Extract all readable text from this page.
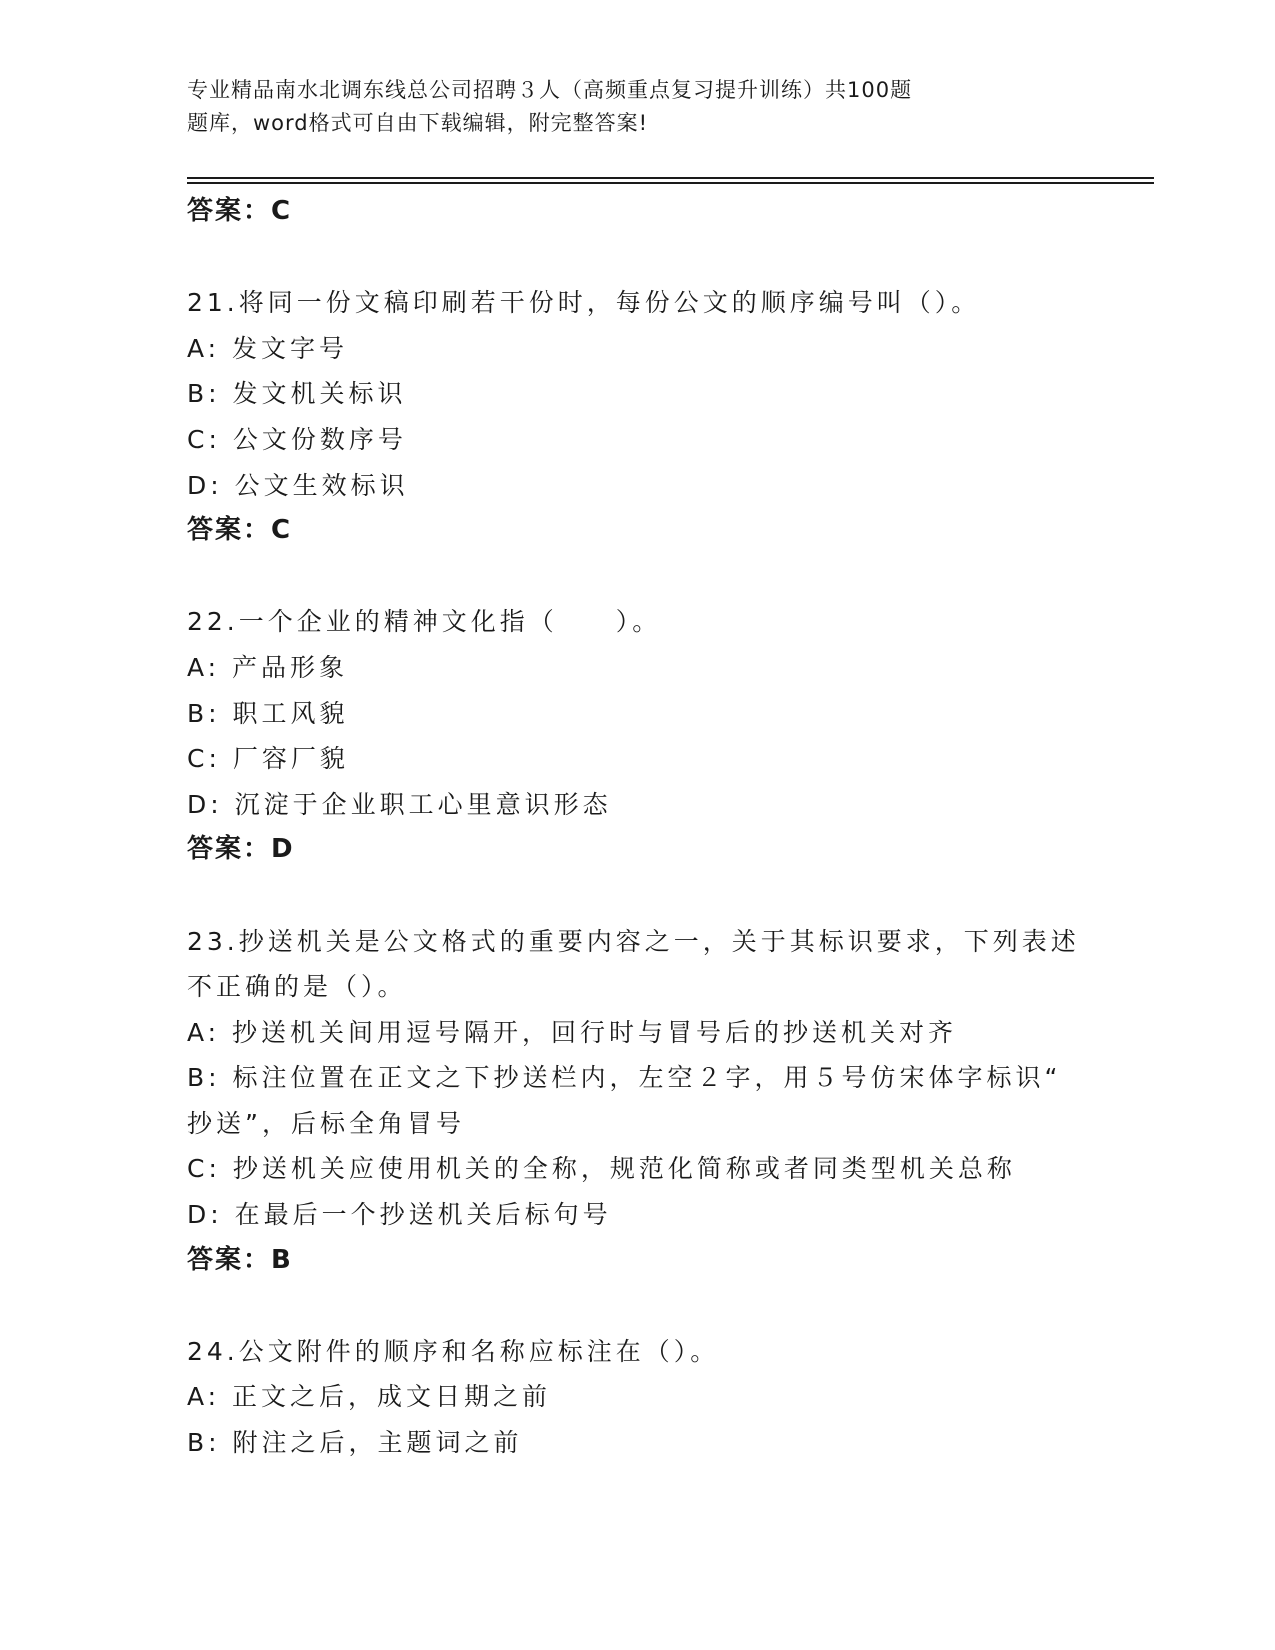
专业精品南水北调东线总公司招聘３人（高频重点复习提升训练）共100题
题库，word格式可自由下载编辑，附完整答案!
答案：C
21.将同一份文稿印刷若干份时，每份公文的顺序编号叫（）。
A: 发文字号
B: 发文机关标识
C: 公文份数序号
D: 公文生效标识
答案：C
22.一个企业的精神文化指（　　）。
A: 产品形象
B: 职工风貌
C: 厂容厂貌
D: 沉淀于企业职工心里意识形态
答案：D
23.抄送机关是公文格式的重要内容之一，关于其标识要求，下列表述
不正确的是（）。
A: 抄送机关间用逗号隔开，回行时与冒号后的抄送机关对齐
B: 标注位置在正文之下抄送栏内，左空２字，用５号仿宋体字标识“
抄送”，后标全角冒号
C: 抄送机关应使用机关的全称，规范化简称或者同类型机关总称
D: 在最后一个抄送机关后标句号
答案：B
24.公文附件的顺序和名称应标注在（）。
A: 正文之后，成文日期之前
B: 附注之后，主题词之前
